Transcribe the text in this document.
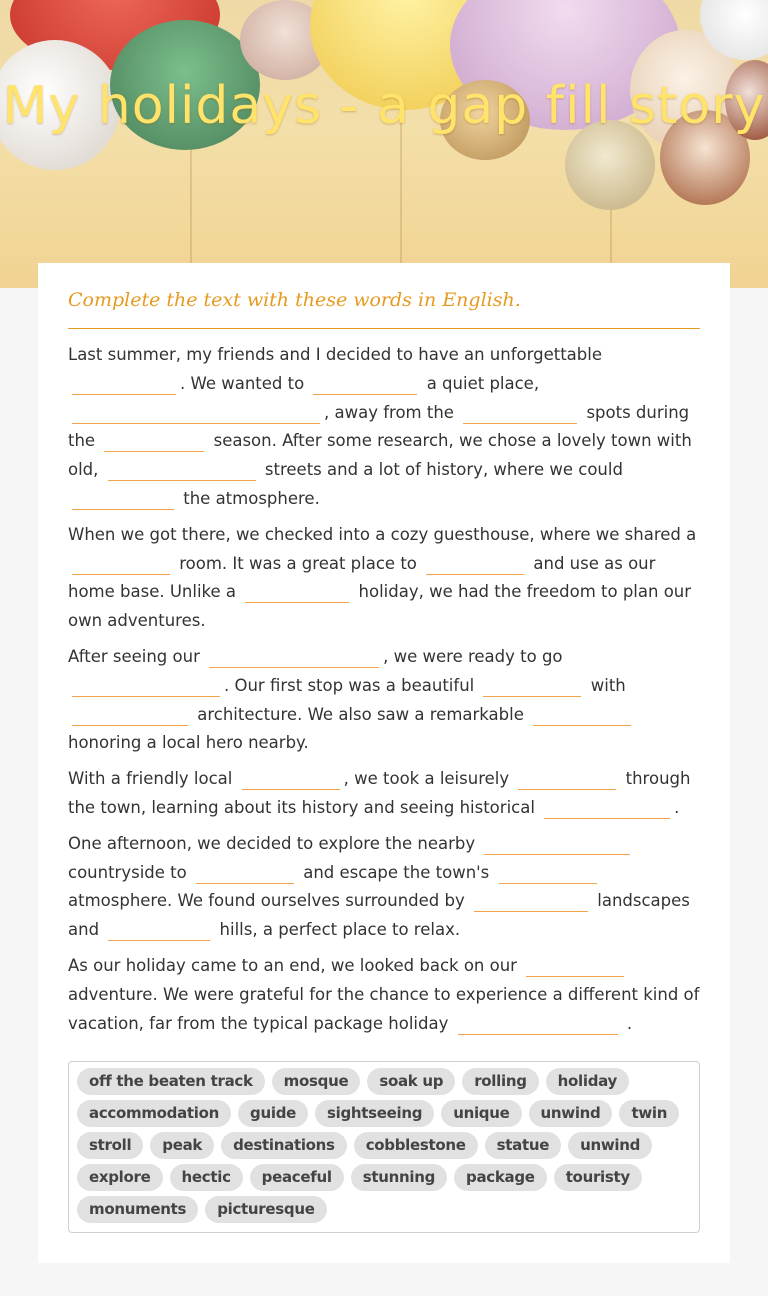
My holidays - a gap fill story
Complete the text with these words in English.

Last summer, my friends and I decided to have an unforgettable . We wanted to	a quiet place, , away from the	spots during the	season. After some research, we chose a lovely town with old,	streets and a lot of history, where we could  the atmosphere.

When we got there, we checked into a cozy guesthouse, where we shared a  room. It was a great place to	and use as our home base. Unlike a	holiday, we had the freedom to plan our own adventures.

After seeing our	, we were ready to go . Our first stop was a beautiful	with  architecture. We also saw a remarkable  honoring a local hero nearby.

With a friendly local	, we took a leisurely	through the town, learning about its history and seeing historical	.

One afternoon, we decided to explore the nearby  countryside to	and escape the town's  atmosphere. We found ourselves surrounded by	landscapes and	hills, a perfect place to relax.

As our holiday came to an end, we looked back on our  adventure. We were grateful for the chance to experience a different kind of vacation, far from the typical package holiday	.

off the beaten track	mosque	soak up	rolling	holiday
accommodation	guide	sightseeing	unique	unwind	twin
stroll	peak	destinations	cobblestone	statue	unwind
explore	hectic	peaceful	stunning	package	touristy
monuments	picturesque
